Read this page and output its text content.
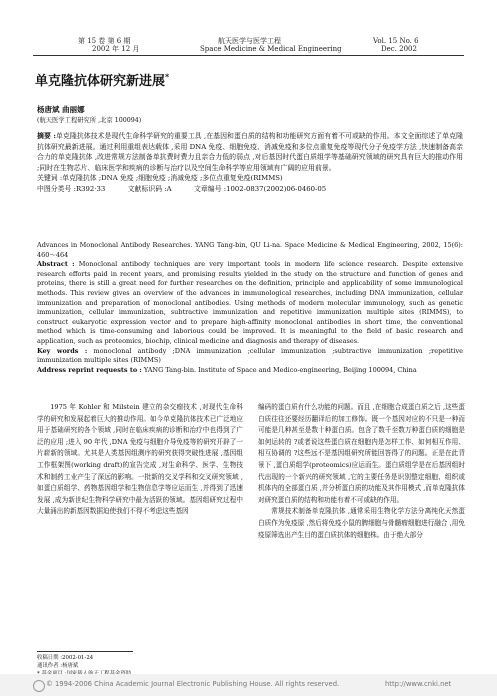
第 15 卷 第 6 期
2002 年 12 月
航天医学与医学工程
Space Medicine & Medical Engineering
Vol. 15 No. 6
Dec. 2002
单克隆抗体研究新进展*
杨唐斌 曲丽娜
(航天医学工程研究所 ,北京 100094)
摘要 :单克隆抗体技术是现代生命科学研究的重要工具 ,在基因和蛋白质的结构和功能研究方面有着不可或缺的作用。本文全面综述了单克隆抗体研究最新进展。通过利用重组表达载体 ,采用 DNA 免疫、细胞免疫、消减免疫和多位点重复免疫等现代分子免疫学方法 ,快速制备高亲合力的单克隆抗体 ,改进常规方法制备单抗费时费力且亲合力低的弱点 ,对后基因时代蛋白质组学等基础研究领域的研究具有巨大的推动作用 ;同时在生物芯片、临床医学和疾病的诊断与治疗以及空间生命科学等应用领域有广阔的应用前景。
关键词 :单克隆抗体 ;DNA 免疫 ;细胞免疫 ;消减免疫 ;多位点重复免疫(RIMMS)
中图分类号 :R392·33	文献标识码 :A	文章编号 :1002-0837(2002)06-0460-05

Advances in Monoclonal Antibody Researches. YANG Tang-bin, QU Li-na. Space Medicine & Medical Engineering, 2002, 15(6): 460～464

Abstract : Monoclonal antibody techniques are very important tools in modern life science research. Despite extensive research efforts paid in recent years, and promising results yielded in the study on the structure and function of genes and proteins, there is still a great need for further researches on the definition, principle and applicability of some immunological methods. This review gives an overview of the advances in immunological researches, including DNA immunization, cellular immunization and preparation of monoclonal antibodies. Using methods of modern molecular immunology, such as genetic immunization, cellular immunization, subtractive immunization and repetitive immunization multiple sites (RIMMS), to construct eukaryotic expression vector and to prepare high-affinity monoclonal antibodies in short time, the conventional method which is time-consuming and laborious could be improved. It is meaningful to the field of basic research and application, such as proteomics, biochip, clinical medicine and diagnosis and therapy of diseases.

Key words : monoclonal antibody ;DNA immunization ;cellular immunization ;subtractive immunization ;repetitive immunization multiple sites (RIMMS)

Address reprint requests to : YANG Tang-bin. Institute of Space and Medico-engineering, Beijing 100094, China

1975 年 Kohler 和 Milstein 建立的杂交瘤技术 ,对现代生命科学的研究和发展起着巨大的推动作用。如今单克隆抗体技术已广泛地应用于基础研究的各个领域 ,同时在临床疾病的诊断和治疗中也得到了广泛的应用 ;进入 90 年代 ,DNA 免疫与细胞介导免疫等的研究开辟了一片崭新的领域。尤其是人类基因组测序的研究获得突破性进展 ,基因组工作框架图(working draft)的宣告完成 ,对生命科学、医学、生物技术和制药工业产生了深远的影响。一批新的交叉学科和交叉研究领域 ,如蛋白质组学、药物基因组学和生物信息学等应运而生 ,并得到了迅速发展 ,成为新世纪生物科学研究中最为活跃的领域。基因组研究过程中大量涌出的新基因数据迫使我们不得不考虑这些基因

编码的蛋白质有什么功能的问题。而且 ,在细胞合成蛋白质之后 ,这些蛋白质往往还要经历翻译后的加工修饰。既一个基因对应的不只是一种而可能是几种甚至是数十种蛋白质。包含了数千至数万种蛋白质的细胞是如何运转的 ?或者说这些蛋白质在细胞内是怎样工作、如何相互作用、相互协调的 ?这些远不是基因组研究所能回答得了的问题。正是在此背景下 ,蛋白质组学(proteomics)应运而生。蛋白质组学是在后基因组时代出现的一个新兴的研究领域 ,它的主要任务是识别整定细胞、组织或机体内的全部蛋白质 ,并分析蛋白质的功能及其作用模式 ,而单克隆抗体对研究蛋白质的结构和功能有着不可或缺的作用。

常规技术制备单克隆抗体 ,通常采用生物化学方法分离纯化天然蛋白质作为免疫原 ,然后将免疫小鼠的脾细胞与骨髓瘤细胞进行融合 ,用免疫原筛选出产生目的蛋白质抗体的细胞株。由于绝大部分

收稿日期 :2002-01-24
通讯作者 :杨唐斌
© 1994-2006 China Academic Journal Electronic Publishing House. All rights reserved.	http://www.cnki.net
